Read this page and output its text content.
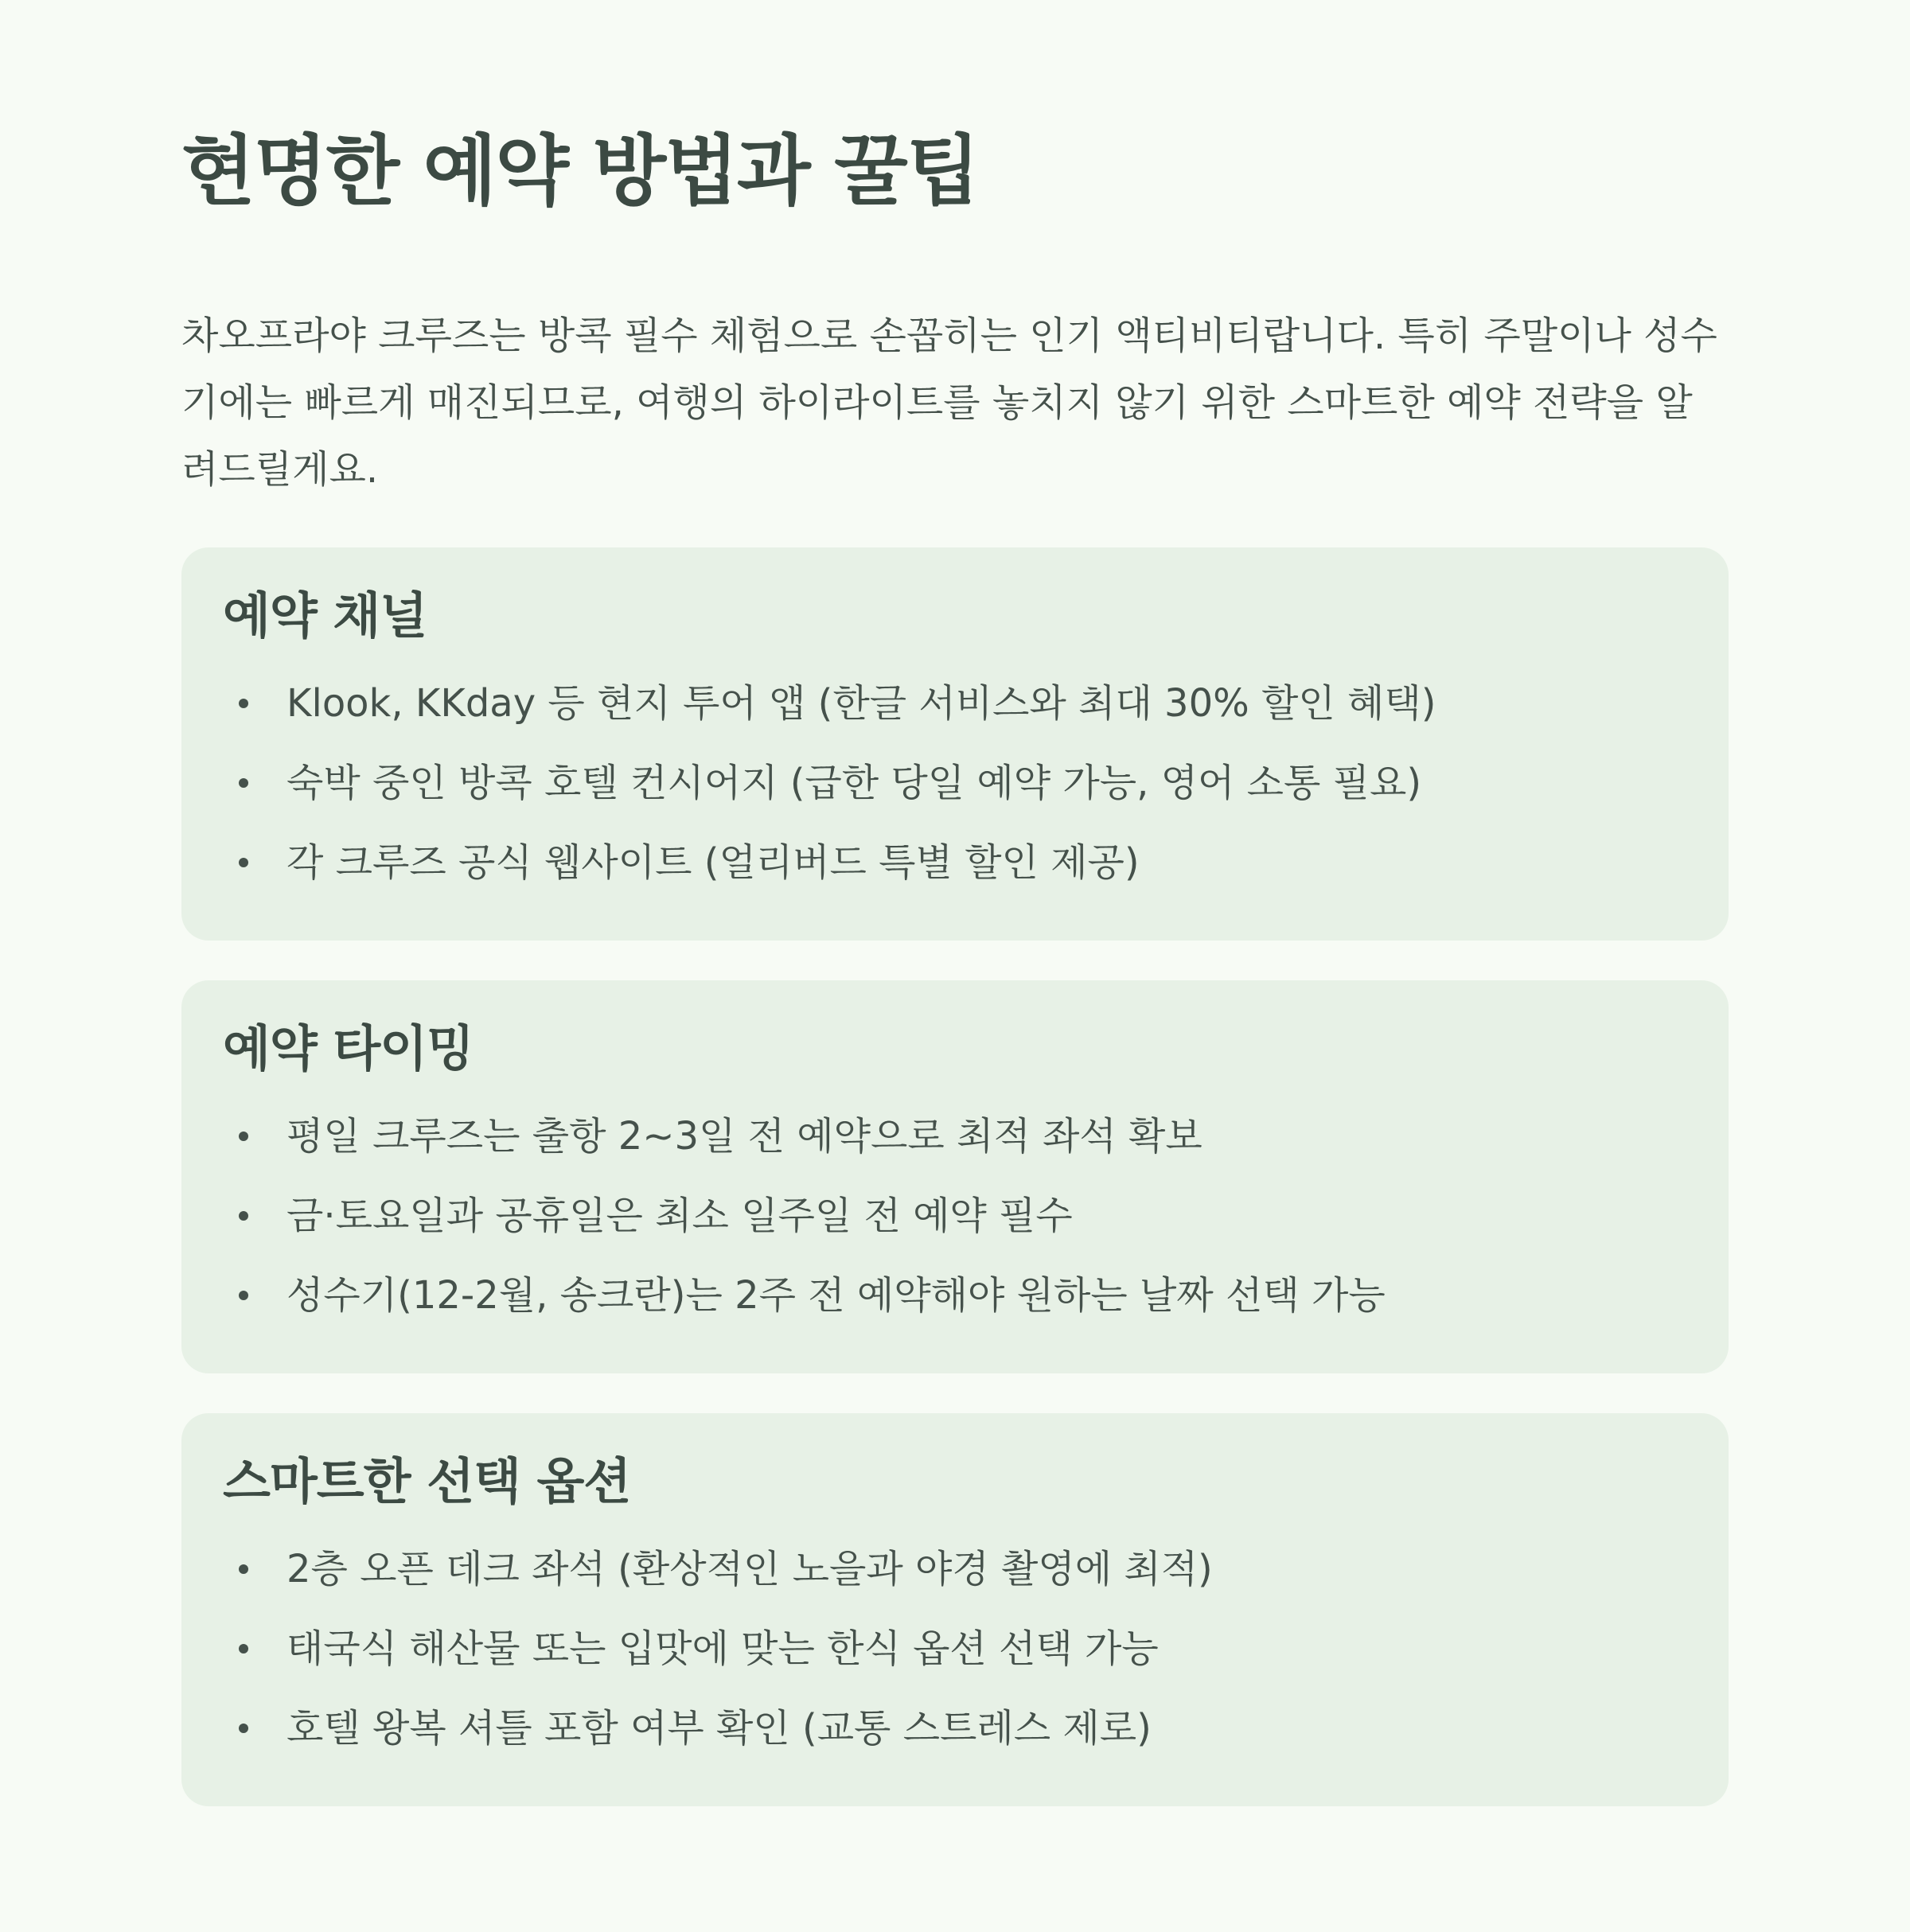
현명한 예약 방법과 꿀팁

차오프라야 크루즈는 방콕 필수 체험으로 손꼽히는 인기 액티비티랍니다. 특히 주말이나 성수기에는 빠르게 매진되므로, 여행의 하이라이트를 놓치지 않기 위한 스마트한 예약 전략을 알려드릴게요.

예약 채널
Klook, KKday 등 현지 투어 앱 (한글 서비스와 최대 30% 할인 혜택)
숙박 중인 방콕 호텔 컨시어지 (급한 당일 예약 가능, 영어 소통 필요)
각 크루즈 공식 웹사이트 (얼리버드 특별 할인 제공)
예약 타이밍
평일 크루즈는 출항 2~3일 전 예약으로 최적 좌석 확보
금·토요일과 공휴일은 최소 일주일 전 예약 필수
성수기(12-2월, 송크란)는 2주 전 예약해야 원하는 날짜 선택 가능
스마트한 선택 옵션
2층 오픈 데크 좌석 (환상적인 노을과 야경 촬영에 최적)
태국식 해산물 또는 입맛에 맞는 한식 옵션 선택 가능
호텔 왕복 셔틀 포함 여부 확인 (교통 스트레스 제로)
